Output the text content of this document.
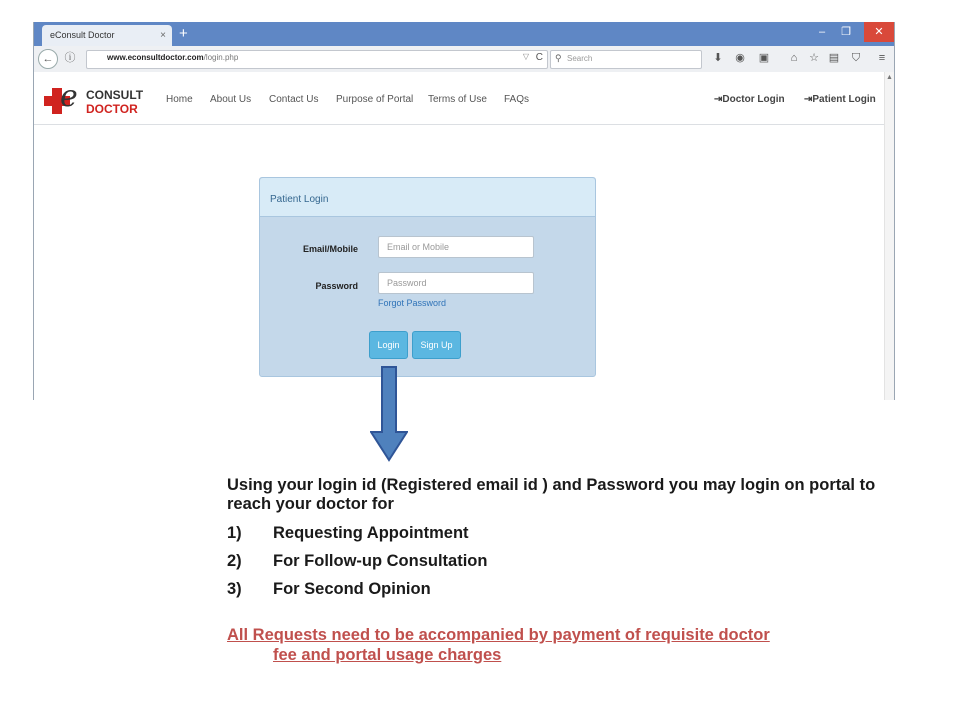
eConsult Doctor	× +	–	❐	✕
←	ⓘ	www.econsultdoctor.com/login.php	▽ C ⚲ Search	⬇	◉ ▣	⌂	☆ ▤	⛉	≡
e CONSULT
DOCTOR
Home About Us Contact Us Purpose of Portal Terms of Use FAQs	⇥Doctor Login ⇥Patient Login
▲
Patient Login
Email/Mobile
Email or Mobile
Password
Forgot Password
Login	Sign Up

Using your login id (Registered email id ) and Password you may login on portal to reach your doctor for

1) Requesting Appointment
2) For Follow-up Consultation
3) For Second Opinion
All Requests need to be accompanied by payment of requisite doctor
fee and portal usage charges
